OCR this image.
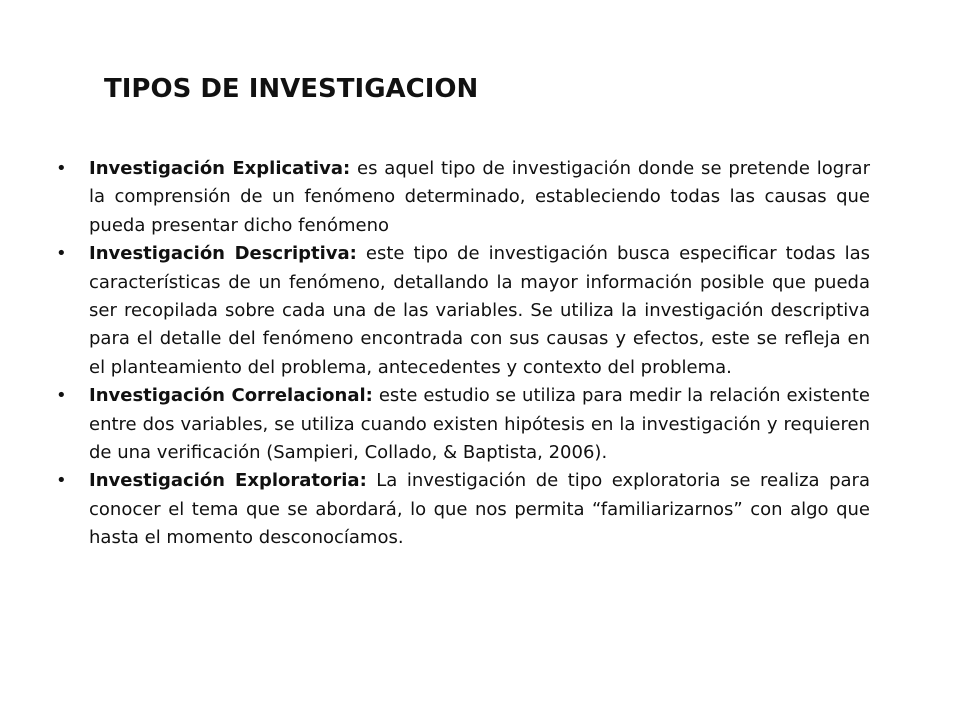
TIPOS DE INVESTIGACION
•	Investigación Explicativa: es aquel tipo de investigación donde se pretende lograr la comprensión de un fenómeno determinado, estableciendo todas las causas que pueda presentar dicho fenómeno
•	Investigación Descriptiva: este tipo de investigación busca especificar todas las características de un fenómeno, detallando la mayor información posible que pueda ser recopilada sobre cada una de las variables. Se utiliza la investigación descriptiva para el detalle del fenómeno encontrada con sus causas y efectos, este se refleja en el planteamiento del problema, antecedentes y contexto del problema.
•	Investigación Correlacional: este estudio se utiliza para medir la relación existente entre dos variables, se utiliza cuando existen hipótesis en la investigación y requieren de una verificación (Sampieri, Collado, & Baptista, 2006).
•	Investigación Exploratoria: La investigación de tipo exploratoria se realiza para conocer el tema que se abordará, lo que nos permita “familiarizarnos” con algo que hasta el momento desconocíamos.
